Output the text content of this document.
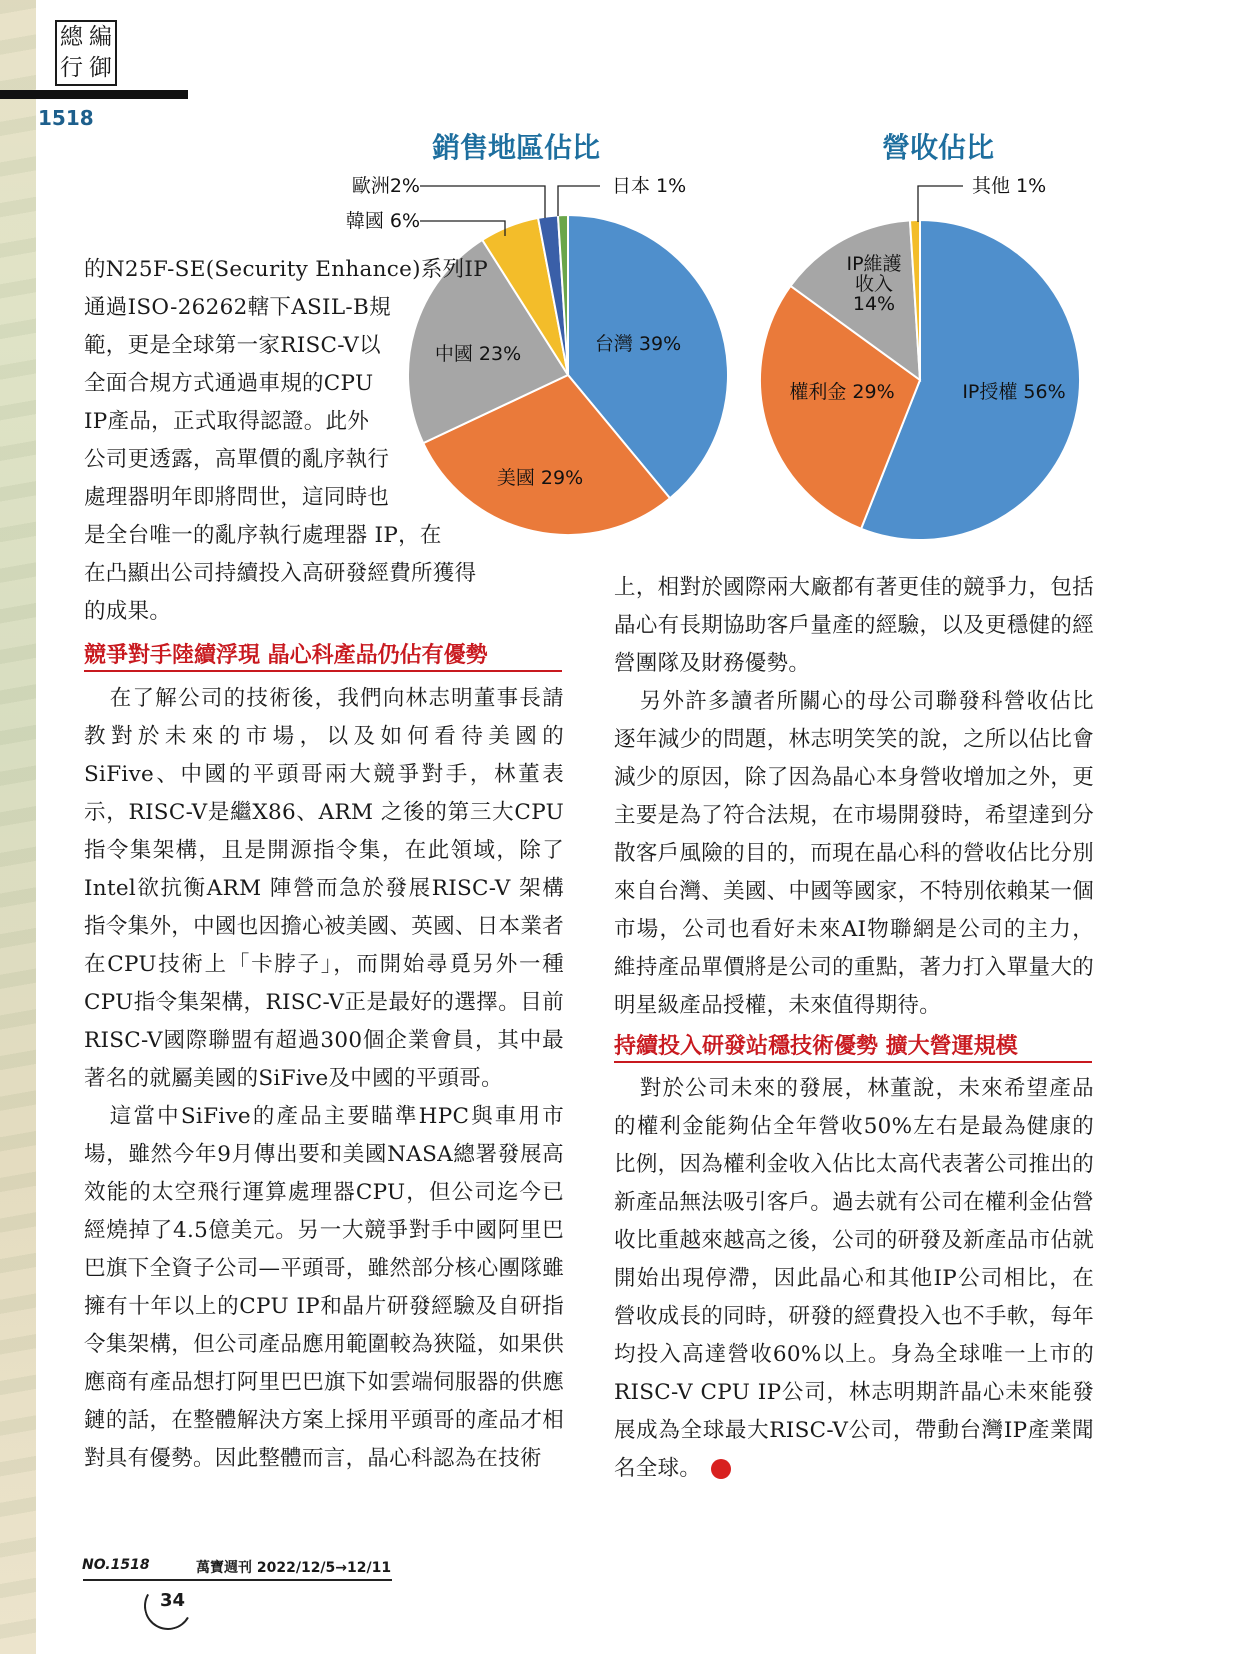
總 編
行 御
1518
銷售地區佔比	營收佔比
台灣 39%
美國 29%
中國 23%
韓國 6%
歐洲2%	日本 1%
IP授權 56%
權利金 29%
IP維護
收入
14%
其他 1%
的N25F-SE(Security Enhance)系列IP
通過ISO-26262轄下ASIL-B規
範，更是全球第一家RISC-V以
全面合規方式通過車規的CPU
IP產品，正式取得認證。此外
公司更透露，高單價的亂序執行
處理器明年即將問世，這同時也
是全台唯一的亂序執行處理器 IP，在
在凸顯出公司持續投入高研發經費所獲得
的成果。
競爭對手陸續浮現 晶心科產品仍佔有優勢

在了解公司的技術後，我們向林志明董事長請教對於未來的市場，以及如何看待美國的SiFive、中國的平頭哥兩大競爭對手，林董表示，RISC-V是繼X86、ARM 之後的第三大CPU指令集架構，且是開源指令集，在此領域，除了Intel欲抗衡ARM 陣營而急於發展RISC-V 架構指令集外，中國也因擔心被美國、英國、日本業者在CPU技術上「卡脖子」，而開始尋覓另外一種CPU指令集架構，RISC-V正是最好的選擇。目前RISC-V國際聯盟有超過300個企業會員，其中最著名的就屬美國的SiFive及中國的平頭哥。

這當中SiFive的產品主要瞄準HPC與車用市場，雖然今年9月傳出要和美國NASA總署發展高效能的太空飛行運算處理器CPU，但公司迄今已經燒掉了4.5億美元。另一大競爭對手中國阿里巴巴旗下全資子公司—平頭哥，雖然部分核心團隊雖擁有十年以上的CPU IP和晶片研發經驗及自研指令集架構，但公司產品應用範圍較為狹隘，如果供應商有產品想打阿里巴巴旗下如雲端伺服器的供應鏈的話，在整體解決方案上採用平頭哥的產品才相對具有優勢。因此整體而言，晶心科認為在技術

上，相對於國際兩大廠都有著更佳的競爭力，包括晶心有長期協助客戶量產的經驗，以及更穩健的經營團隊及財務優勢。

另外許多讀者所關心的母公司聯發科營收佔比逐年減少的問題，林志明笑笑的說，之所以佔比會減少的原因，除了因為晶心本身營收增加之外，更主要是為了符合法規，在市場開發時，希望達到分散客戶風險的目的，而現在晶心科的營收佔比分別來自台灣、美國、中國等國家，不特別依賴某一個市場，公司也看好未來AI物聯網是公司的主力，維持產品單價將是公司的重點，著力打入單量大的明星級產品授權，未來值得期待。

持續投入研發站穩技術優勢 擴大營運規模

對於公司未來的發展，林董說，未來希望產品的權利金能夠佔全年營收50%左右是最為健康的比例，因為權利金收入佔比太高代表著公司推出的新產品無法吸引客戶。過去就有公司在權利金佔營收比重越來越高之後，公司的研發及新產品市佔就開始出現停滯，因此晶心和其他IP公司相比，在營收成長的同時，研發的經費投入也不手軟，每年均投入高達營收60%以上。身為全球唯一上市的RISC-V CPU IP公司，林志明期許晶心未來能發展成為全球最大RISC-V公司，帶動台灣IP產業聞名全球。	財

NO.1518	萬寶週刊 2022/12/5→12/11
34
